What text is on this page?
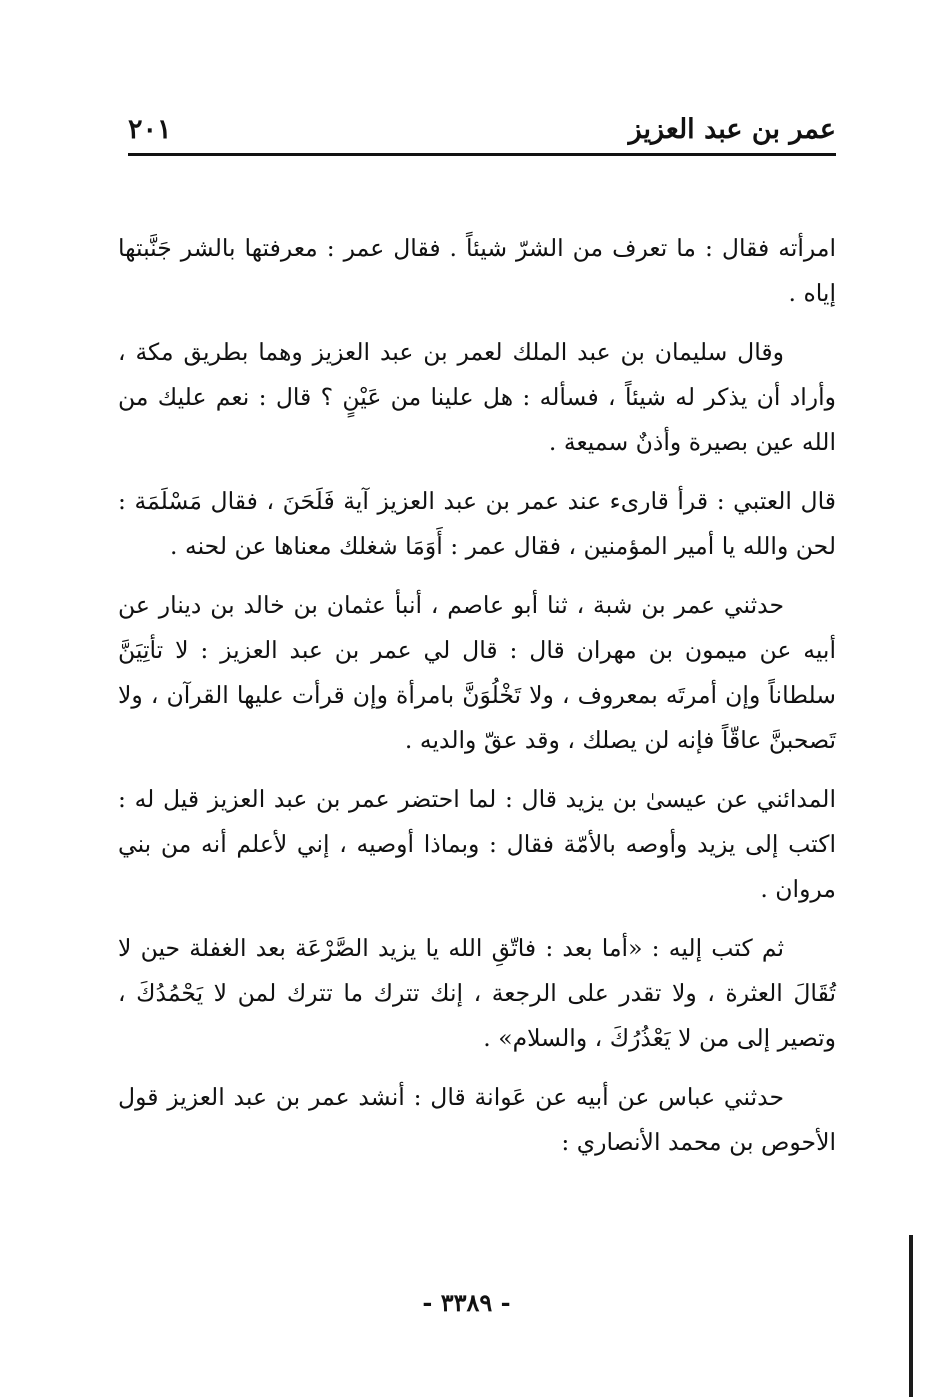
عمر بن عبد العزيز
٢٠١

امرأته فقال : ما تعرف من الشرّ شيئاً . فقال عمر : معرفتها بالشر جَنَّبتها إياه .

وقال سليمان بن عبد الملك لعمر بن عبد العزيز وهما بطريق مكة ، وأراد أن يذكر له شيئاً ، فسأله : هل علينا من عَيْنٍ ؟ قال : نعم عليك من الله عين بصيرة وأذنٌ سميعة .

قال العتبي : قرأ قارىء عند عمر بن عبد العزيز آية فَلَحَنَ ، فقال مَسْلَمَة : لحن والله يا أمير المؤمنين ، فقال عمر : أَوَمَا شغلك معناها عن لحنه .

حدثني عمر بن شبة ، ثنا أبو عاصم ، أنبأ عثمان بن خالد بن دينار عن أبيه عن ميمون بن مهران قال : قال لي عمر بن عبد العزيز : لا تأتِيَنَّ سلطاناً وإن أمرتَه بمعروف ، ولا تَخْلُوَنَّ بامرأة وإن قرأت عليها القرآن ، ولا تَصحبنَّ عاقّاً فإنه لن يصلك ، وقد عقّ والديه .

المدائني عن عيسىٰ بن يزيد قال : لما احتضر عمر بن عبد العزيز قيل له : اكتب إلى يزيد وأوصه بالأمّة فقال : وبماذا أوصيه ، إني لأعلم أنه من بني مروان .

ثم كتب إليه : «أما بعد : فاتّقِ الله يا يزيد الصَّرْعَة بعد الغفلة حين لا تُقَالَ العثرة ، ولا تقدر على الرجعة ، إنك تترك ما تترك لمن لا يَحْمُدُكَ ، وتصير إلى من لا يَعْذُرُكَ ، والسلام» .

حدثني عباس عن أبيه عن عَوانة قال : أنشد عمر بن عبد العزيز قول الأحوص بن محمد الأنصاري :

- ٣٣٨٩ -
